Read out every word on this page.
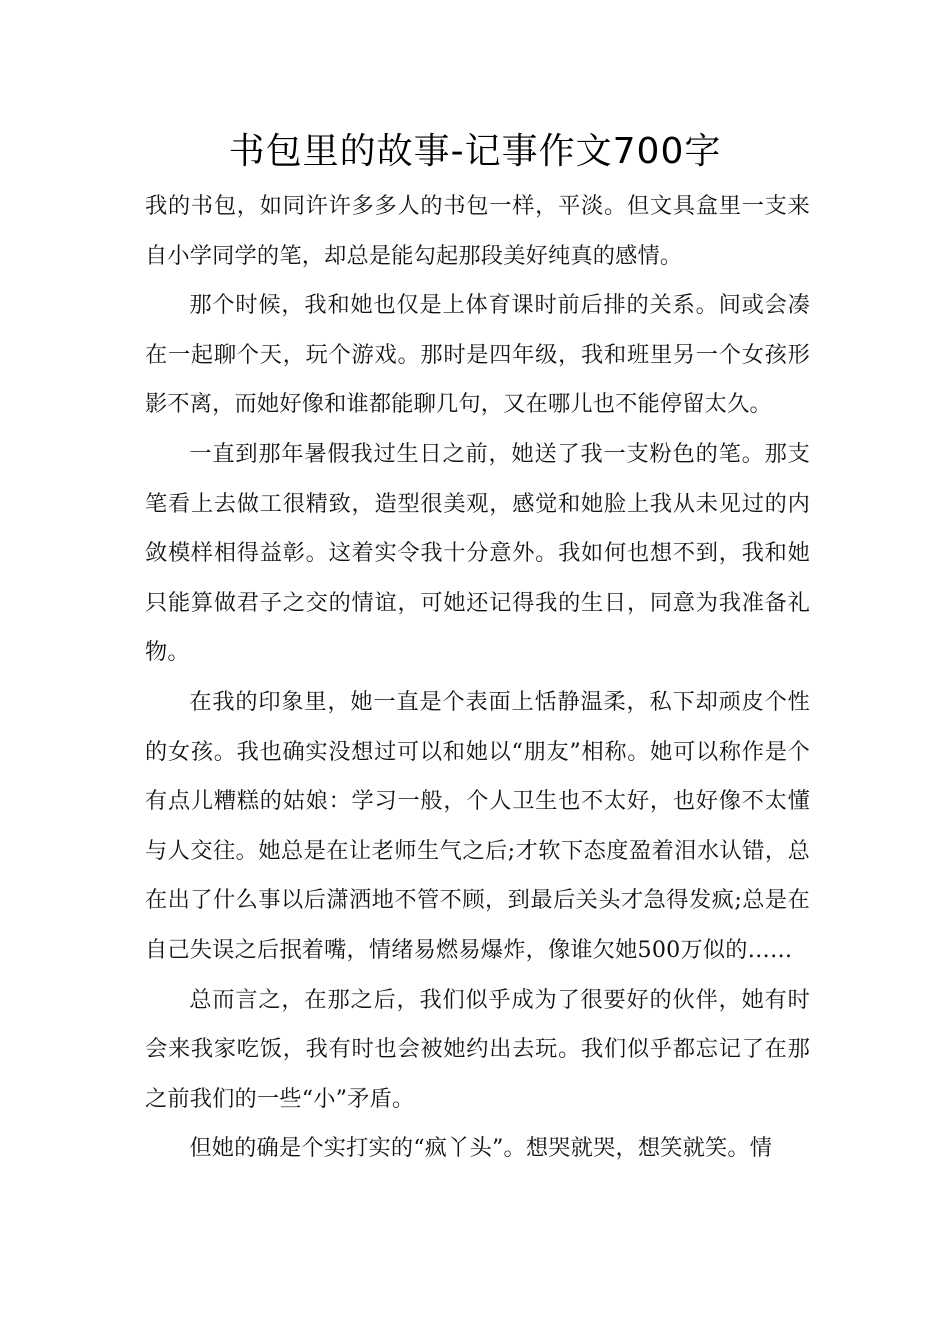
书包里的故事-记事作文700字

我的书包，如同许许多多人的书包一样，平淡。但文具盒里一支来自小学同学的笔，却总是能勾起那段美好纯真的感情。

那个时候，我和她也仅是上体育课时前后排的关系。间或会凑在一起聊个天，玩个游戏。那时是四年级，我和班里另一个女孩形影不离，而她好像和谁都能聊几句，又在哪儿也不能停留太久。

一直到那年暑假我过生日之前，她送了我一支粉色的笔。那支笔看上去做工很精致，造型很美观，感觉和她脸上我从未见过的内敛模样相得益彰。这着实令我十分意外。我如何也想不到，我和她只能算做君子之交的情谊，可她还记得我的生日，同意为我准备礼物。

在我的印象里，她一直是个表面上恬静温柔，私下却顽皮个性的女孩。我也确实没想过可以和她以“朋友”相称。她可以称作是个有点儿糟糕的姑娘：学习一般，个人卫生也不太好，也好像不太懂与人交往。她总是在让老师生气之后;才软下态度盈着泪水认错，总在出了什么事以后潇洒地不管不顾，到最后关头才急得发疯;总是在自己失误之后抿着嘴，情绪易燃易爆炸，像谁欠她500万似的……

总而言之，在那之后，我们似乎成为了很要好的伙伴，她有时会来我家吃饭，我有时也会被她约出去玩。我们似乎都忘记了在那之前我们的一些“小”矛盾。

但她的确是个实打实的“疯丫头”。想哭就哭，想笑就笑。情
